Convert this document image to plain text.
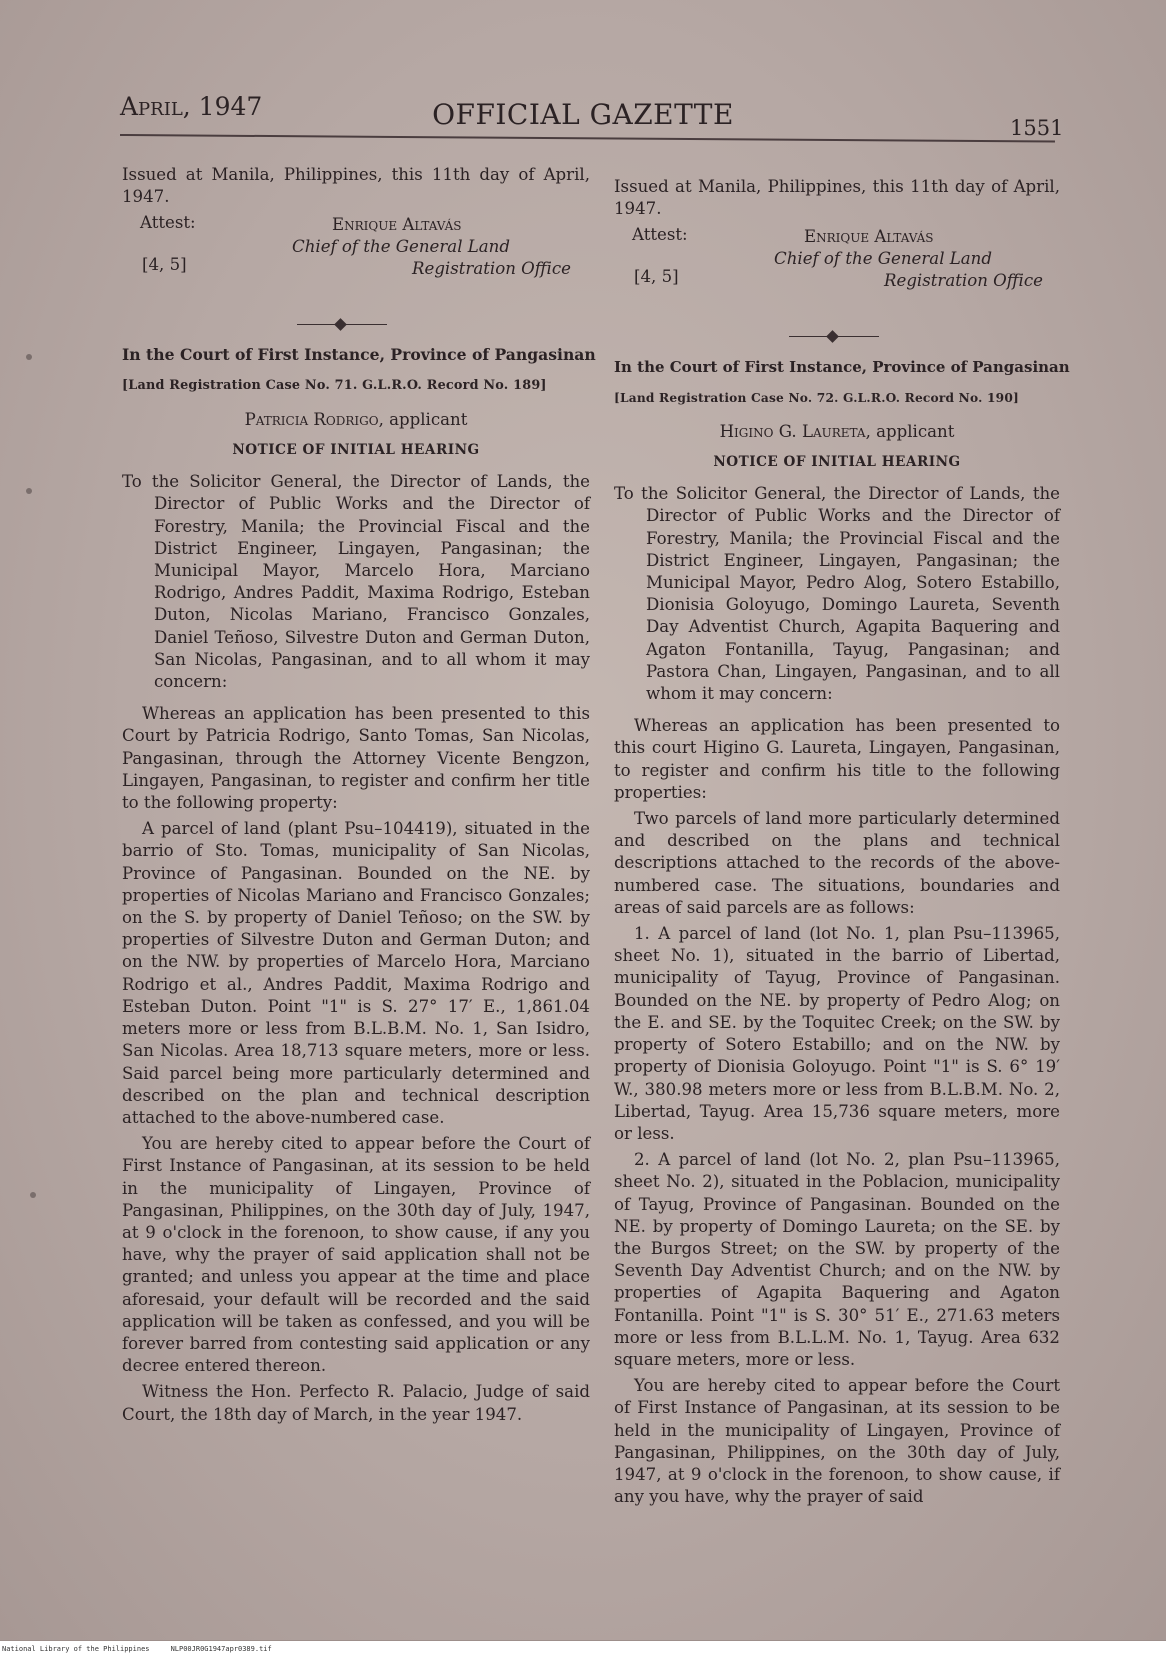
April, 1947	OFFICIAL GAZETTE	1551

Issued at Manila, Philippines, this 11th day of April, 1947.

Attest:	Enrique Altavás
Chief of the General Land
[4, 5]	Registration Office

In the Court of First Instance, Province of Pangasinan

[Land Registration Case No. 71. G.L.R.O. Record No. 189]

Patricia Rodrigo, applicant

NOTICE OF INITIAL HEARING

To the Solicitor General, the Director of Lands, the Director of Public Works and the Director of Forestry, Manila; the Provincial Fiscal and the District Engineer, Lingayen, Pangasinan; the Municipal Mayor, Marcelo Hora, Marciano Rodrigo, Andres Paddit, Maxima Rodrigo, Esteban Duton, Nicolas Mariano, Francisco Gonzales, Daniel Teñoso, Silvestre Duton and German Duton, San Nicolas, Pangasinan, and to all whom it may concern:

Whereas an application has been presented to this Court by Patricia Rodrigo, Santo Tomas, San Nicolas, Pangasinan, through the Attorney Vicente Bengzon, Lingayen, Pangasinan, to register and confirm her title to the following property:

A parcel of land (plant Psu–104419), situated in the barrio of Sto. Tomas, municipality of San Nicolas, Province of Pangasinan. Bounded on the NE. by properties of Nicolas Mariano and Francisco Gonzales; on the S. by property of Daniel Teñoso; on the SW. by properties of Silvestre Duton and German Duton; and on the NW. by properties of Marcelo Hora, Marciano Rodrigo et al., Andres Paddit, Maxima Rodrigo and Esteban Duton. Point "1" is S. 27° 17′ E., 1,861.04 meters more or less from B.L.B.M. No. 1, San Isidro, San Nicolas. Area 18,713 square meters, more or less. Said parcel being more particularly determined and described on the plan and technical description attached to the above-numbered case.

You are hereby cited to appear before the Court of First Instance of Pangasinan, at its session to be held in the municipality of Lingayen, Province of Pangasinan, Philippines, on the 30th day of July, 1947, at 9 o'clock in the forenoon, to show cause, if any you have, why the prayer of said application shall not be granted; and unless you appear at the time and place aforesaid, your default will be recorded and the said application will be taken as confessed, and you will be forever barred from contesting said application or any decree entered thereon.

Witness the Hon. Perfecto R. Palacio, Judge of said Court, the 18th day of March, in the year 1947.

Issued at Manila, Philippines, this 11th day of April, 1947.

Attest:	Enrique Altavás
Chief of the General Land
[4, 5]	Registration Office

In the Court of First Instance, Province of Pangasinan

[Land Registration Case No. 72. G.L.R.O. Record No. 190]

Higino G. Laureta, applicant

NOTICE OF INITIAL HEARING

To the Solicitor General, the Director of Lands, the Director of Public Works and the Director of Forestry, Manila; the Provincial Fiscal and the District Engineer, Lingayen, Pangasinan; the Municipal Mayor, Pedro Alog, Sotero Estabillo, Dionisia Goloyugo, Domingo Laureta, Seventh Day Adventist Church, Agapita Baquering and Agaton Fontanilla, Tayug, Pangasinan; and Pastora Chan, Lingayen, Pangasinan, and to all whom it may concern:

Whereas an application has been presented to this court Higino G. Laureta, Lingayen, Pangasinan, to register and confirm his title to the following properties:

Two parcels of land more particularly determined and described on the plans and technical descriptions attached to the records of the above-numbered case. The situations, boundaries and areas of said parcels are as follows:

1. A parcel of land (lot No. 1, plan Psu–113965, sheet No. 1), situated in the barrio of Libertad, municipality of Tayug, Province of Pangasinan. Bounded on the NE. by property of Pedro Alog; on the E. and SE. by the Toquitec Creek; on the SW. by property of Sotero Estabillo; and on the NW. by property of Dionisia Goloyugo. Point "1" is S. 6° 19′ W., 380.98 meters more or less from B.L.B.M. No. 2, Libertad, Tayug. Area 15,736 square meters, more or less.

2. A parcel of land (lot No. 2, plan Psu–113965, sheet No. 2), situated in the Poblacion, municipality of Tayug, Province of Pangasinan. Bounded on the NE. by property of Domingo Laureta; on the SE. by the Burgos Street; on the SW. by property of the Seventh Day Adventist Church; and on the NW. by properties of Agapita Baquering and Agaton Fontanilla. Point "1" is S. 30° 51′ E., 271.63 meters more or less from B.L.L.M. No. 1, Tayug. Area 632 square meters, more or less.

You are hereby cited to appear before the Court of First Instance of Pangasinan, at its session to be held in the municipality of Lingayen, Province of Pangasinan, Philippines, on the 30th day of July, 1947, at 9 o'clock in the forenoon, to show cause, if any you have, why the prayer of said

National Library of the Philippines     NLP00JR0G1947apr0389.tif
